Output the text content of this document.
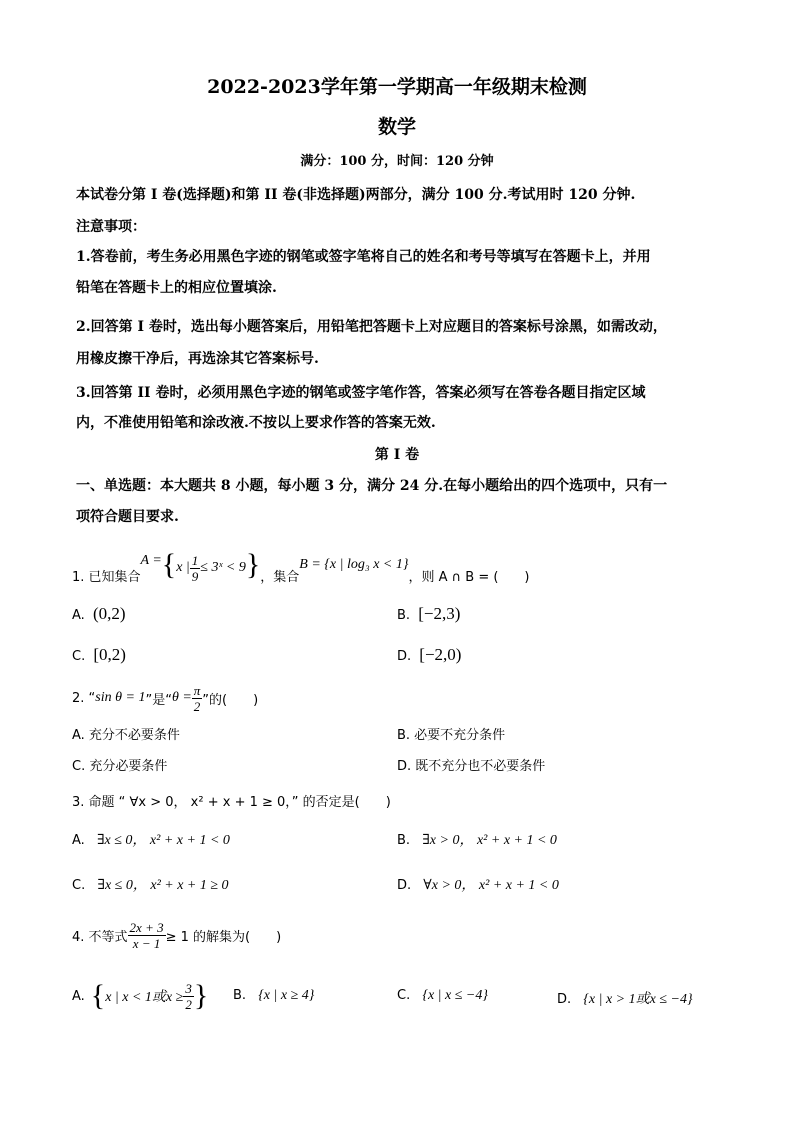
2022-2023学年第一学期高一年级期末检测
数学
满分：100 分，时间：120 分钟
本试卷分第 I 卷(选择题)和第 II 卷(非选择题)两部分，满分 100 分.考试用时 120 分钟.
注意事项：
1.答卷前，考生务必用黑色字迹的钢笔或签字笔将自己的姓名和考号等填写在答题卡上，并用
铅笔在答题卡上的相应位置填涂.
2.回答第 I 卷时，选出每小题答案后，用铅笔把答题卡上对应题目的答案标号涂黑，如需改动，
用橡皮擦干净后，再选涂其它答案标号.
3.回答第 II 卷时，必须用黑色字迹的钢笔或签字笔作答，答案必须写在答卷各题目指定区域
内，不准使用铅笔和涂改液.不按以上要求作答的答案无效.
第 I 卷
一、单选题：本大题共 8 小题，每小题 3 分，满分 24 分.在每小题给出的四个选项中，只有一
项符合题目要求.
1. 已知集合
A = { x | $\frac{1}{9}$ ≤ 3ˣ < 9 } ，集合
B = {x | log₃ x < 1}
，则 A ∩ B = (　　)
A. (0,2)	B. [−2,3)
C. [0,2)	D. [−2,0)
2. “ sin θ = 1 ”是“ $\theta = \frac{\pi}{2}$ ”的(　　)
A. 充分不必要条件	B. 必要不充分条件
C. 充分必要条件	D. 既不充分也不必要条件
3. 命题 “ ∀x > 0， x² + x + 1 ≥ 0，” 的否定是(　　)
A. ∃x ≤ 0， x² + x + 1 < 0	B. ∃x > 0， x² + x + 1 < 0
C. ∃x ≤ 0， x² + x + 1 ≥ 0	D. ∀x > 0， x² + x + 1 < 0
4. 不等式 $\frac{2x + 3}{x - 1} \ge 1$ 的解集为(　　)
A. { x | x < 1或$x \ge \frac{3}{2}$ } B. {x | x ≥ 4}	C. {x | x ≤ −4}	D. {x | x > 1或x ≤ −4}
